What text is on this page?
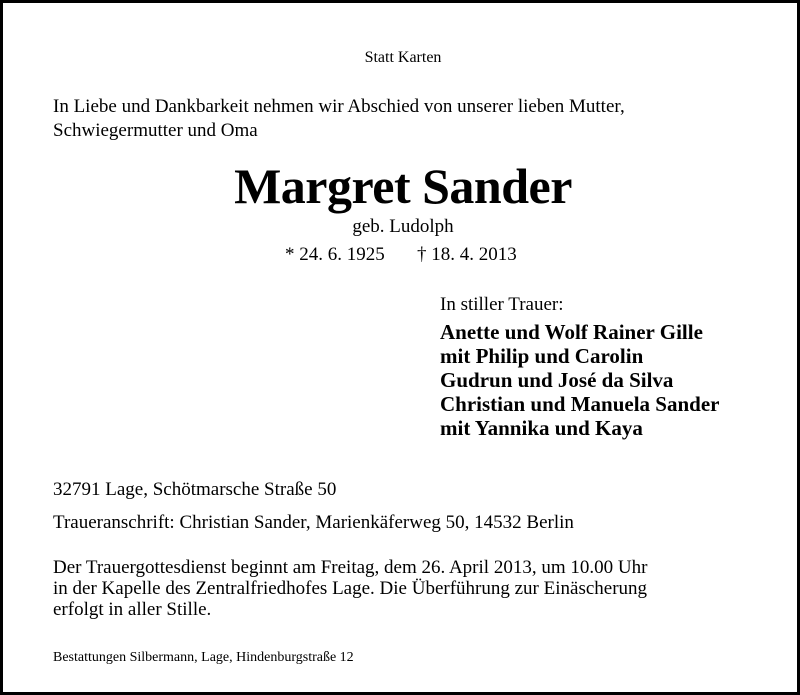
Statt Karten
In Liebe und Dankbarkeit nehmen wir Abschied von unserer lieben Mutter,
Schwiegermutter und Oma
Margret Sander
geb. Ludolph
* 24. 6. 1925 † 18. 4. 2013
In stiller Trauer:
Anette und Wolf Rainer Gille
mit Philip und Carolin
Gudrun und José da Silva
Christian und Manuela Sander
mit Yannika und Kaya
32791 Lage, Schötmarsche Straße 50
Traueranschrift: Christian Sander, Marienkäferweg 50, 14532 Berlin
Der Trauergottesdienst beginnt am Freitag, dem 26. April 2013, um 10.00 Uhr
in der Kapelle des Zentralfriedhofes Lage. Die Überführung zur Einäscherung
erfolgt in aller Stille.
Bestattungen Silbermann, Lage, Hindenburgstraße 12
